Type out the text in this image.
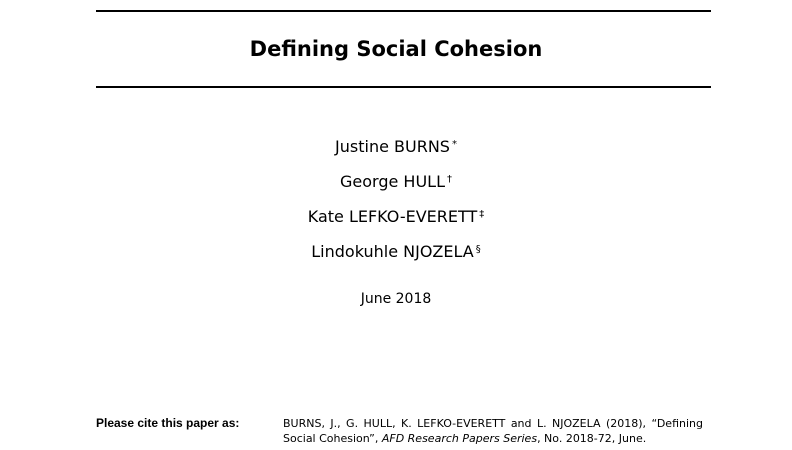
Defining Social Cohesion
Justine BURNS *
George HULL †
Kate LEFKO-EVERETT ‡
Lindokuhle NJOZELA §
June 2018
Please cite this paper as:	BURNS, J., G. HULL, K. LEFKO-EVERETT and L. NJOZELA (2018), “Defining Social Cohesion”, AFD Research Papers Series, No. 2018-72, June.
